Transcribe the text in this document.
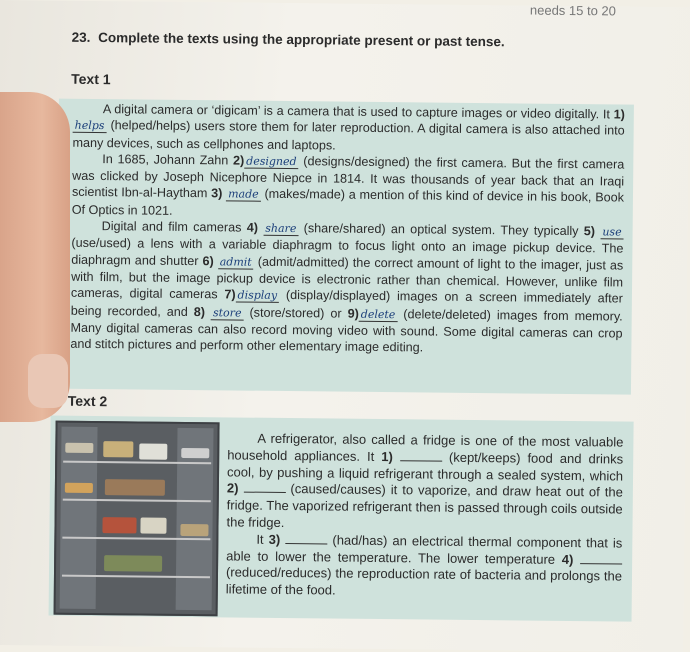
needs 15 to 20
23. Complete the texts using the appropriate present or past tense.
Text 1

A digital camera or ‘digicam’ is a camera that is used to capture images or video digitally. It 1) helps (helped/helps) users store them for later reproduction. A digital camera is also attached into many devices, such as cellphones and laptops.

In 1685, Johann Zahn 2) designed (designs/designed) the first camera. But the first camera was clicked by Joseph Nicephore Niepce in 1814. It was thousands of year back that an Iraqi scientist Ibn-al-Haytham 3) made (makes/made) a mention of this kind of device in his book, Book Of Optics in 1021.

Digital and film cameras 4) share (share/shared) an optical system. They typically 5) use (use/used) a lens with a variable diaphragm to focus light onto an image pickup device. The diaphragm and shutter 6) admit (admit/admitted) the correct amount of light to the imager, just as with film, but the image pickup device is electronic rather than chemical. However, unlike film cameras, digital cameras 7) display (display/displayed) images on a screen immediately after being recorded, and 8) store (store/stored) or 9) delete (delete/deleted) images from memory. Many digital cameras can also record moving video with sound. Some digital cameras can crop and stitch pictures and perform other elementary image editing.

Text 2

A refrigerator, also called a fridge is one of the most valuable household appliances. It 1)	(kept/keeps) food and drinks cool, by pushing a liquid refrigerant through a sealed system, which 2)	(caused/causes) it to vaporize, and draw heat out of the fridge. The vaporized refrigerant then is passed through coils outside the fridge.

It 3)	(had/has) an electrical thermal component that is able to lower the temperature. The lower temperature 4)  (reduced/reduces) the reproduction rate of bacteria and prolongs the lifetime of the food.
